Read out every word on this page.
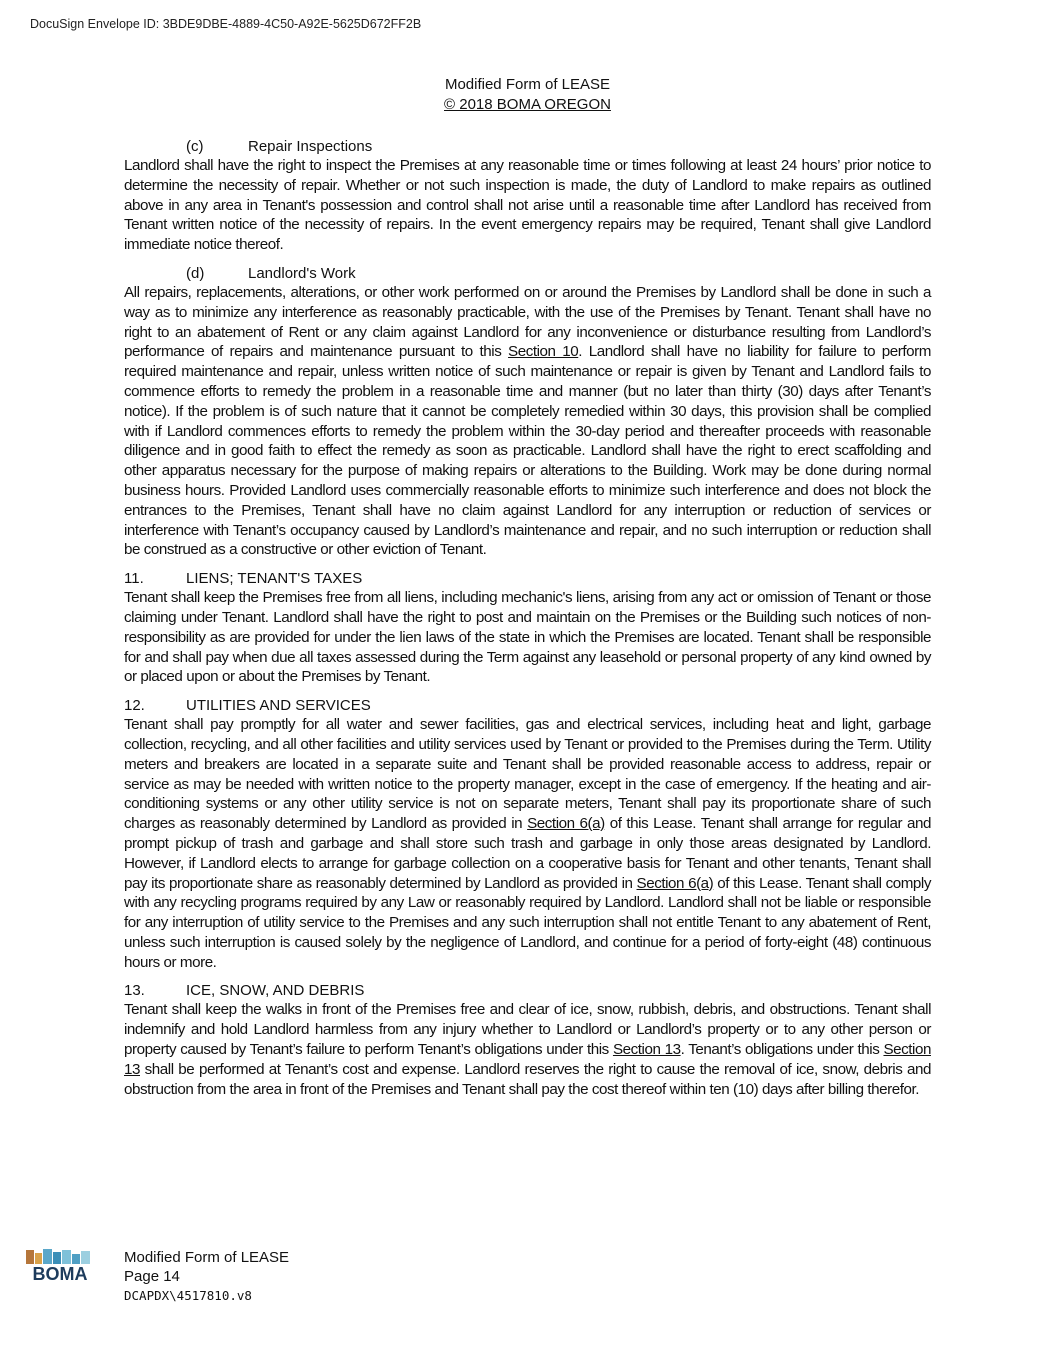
DocuSign Envelope ID: 3BDE9DBE-4889-4C50-A92E-5625D672FF2B
Modified Form of LEASE
© 2018 BOMA OREGON
(c)	Repair Inspections

Landlord shall have the right to inspect the Premises at any reasonable time or times following at least 24 hours’ prior notice to determine the necessity of repair. Whether or not such inspection is made, the duty of Landlord to make repairs as outlined above in any area in Tenant's possession and control shall not arise until a reasonable time after Landlord has received from Tenant written notice of the necessity of repairs. In the event emergency repairs may be required, Tenant shall give Landlord immediate notice thereof.

(d)	Landlord's Work

All repairs, replacements, alterations, or other work performed on or around the Premises by Landlord shall be done in such a way as to minimize any interference as reasonably practicable, with the use of the Premises by Tenant. Tenant shall have no right to an abatement of Rent or any claim against Landlord for any inconvenience or disturbance resulting from Landlord’s performance of repairs and maintenance pursuant to this Section 10. Landlord shall have no liability for failure to perform required maintenance and repair, unless written notice of such maintenance or repair is given by Tenant and Landlord fails to commence efforts to remedy the problem in a reasonable time and manner (but no later than thirty (30) days after Tenant’s notice). If the problem is of such nature that it cannot be completely remedied within 30 days, this provision shall be complied with if Landlord commences efforts to remedy the problem within the 30-day period and thereafter proceeds with reasonable diligence and in good faith to effect the remedy as soon as practicable. Landlord shall have the right to erect scaffolding and other apparatus necessary for the purpose of making repairs or alterations to the Building. Work may be done during normal business hours. Provided Landlord uses commercially reasonable efforts to minimize such interference and does not block the entrances to the Premises, Tenant shall have no claim against Landlord for any interruption or reduction of services or interference with Tenant’s occupancy caused by Landlord’s maintenance and repair, and no such interruption or reduction shall be construed as a constructive or other eviction of Tenant.

11.	LIENS; TENANT'S TAXES

Tenant shall keep the Premises free from all liens, including mechanic's liens, arising from any act or omission of Tenant or those claiming under Tenant. Landlord shall have the right to post and maintain on the Premises or the Building such notices of non-responsibility as are provided for under the lien laws of the state in which the Premises are located. Tenant shall be responsible for and shall pay when due all taxes assessed during the Term against any leasehold or personal property of any kind owned by or placed upon or about the Premises by Tenant.

12.	UTILITIES AND SERVICES

Tenant shall pay promptly for all water and sewer facilities, gas and electrical services, including heat and light, garbage collection, recycling, and all other facilities and utility services used by Tenant or provided to the Premises during the Term. Utility meters and breakers are located in a separate suite and Tenant shall be provided reasonable access to address, repair or service as may be needed with written notice to the property manager, except in the case of emergency. If the heating and air-conditioning systems or any other utility service is not on separate meters, Tenant shall pay its proportionate share of such charges as reasonably determined by Landlord as provided in Section 6(a) of this Lease. Tenant shall arrange for regular and prompt pickup of trash and garbage and shall store such trash and garbage in only those areas designated by Landlord. However, if Landlord elects to arrange for garbage collection on a cooperative basis for Tenant and other tenants, Tenant shall pay its proportionate share as reasonably determined by Landlord as provided in Section 6(a) of this Lease. Tenant shall comply with any recycling programs required by any Law or reasonably required by Landlord. Landlord shall not be liable or responsible for any interruption of utility service to the Premises and any such interruption shall not entitle Tenant to any abatement of Rent, unless such interruption is caused solely by the negligence of Landlord, and continue for a period of forty-eight (48) continuous hours or more.

13.	ICE, SNOW, AND DEBRIS

Tenant shall keep the walks in front of the Premises free and clear of ice, snow, rubbish, debris, and obstructions. Tenant shall indemnify and hold Landlord harmless from any injury whether to Landlord or Landlord’s property or to any other person or property caused by Tenant’s failure to perform Tenant’s obligations under this Section 13. Tenant’s obligations under this Section 13 shall be performed at Tenant’s cost and expense. Landlord reserves the right to cause the removal of ice, snow, debris and obstruction from the area in front of the Premises and Tenant shall pay the cost thereof within ten (10) days after billing therefor.

BOMA
Modified Form of LEASE
Page 14
DCAPDX\4517810.v8
